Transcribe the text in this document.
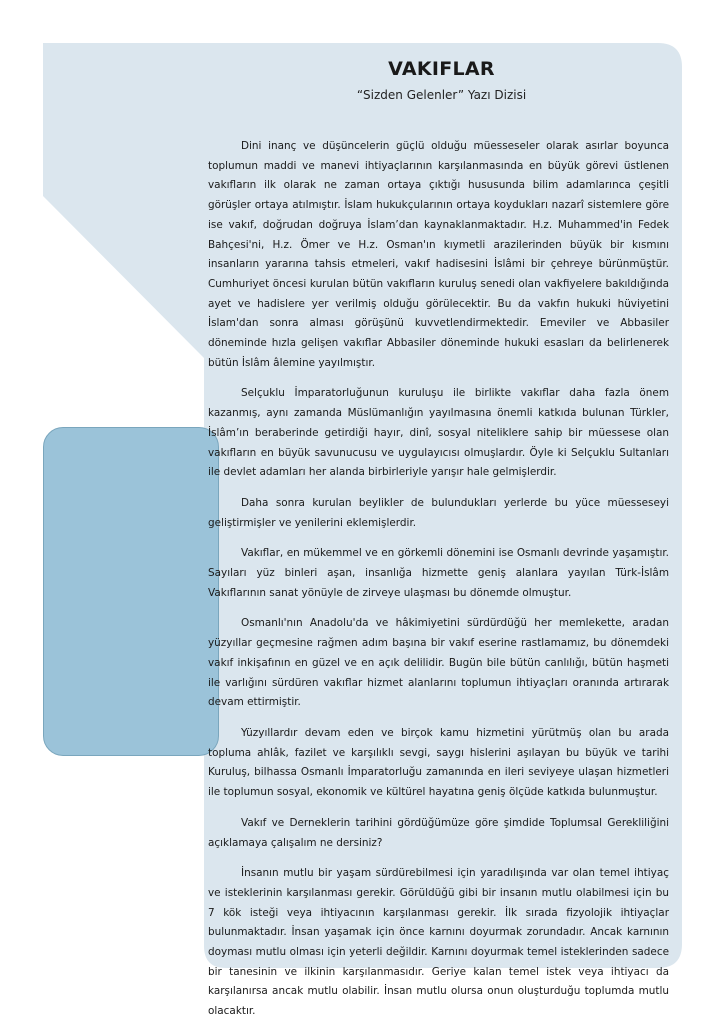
VAKIFLAR
“Sizden Gelenler” Yazı Dizisi

Dini inanç ve düşüncelerin güçlü olduğu müesseseler olarak asırlar boyunca toplumun maddi ve manevi ihtiyaçlarının karşılanmasında en büyük görevi üstlenen vakıfların ilk olarak ne zaman ortaya çıktığı hususunda bilim adamlarınca çeşitli görüşler ortaya atılmıştır. İslam hukukçularının ortaya koydukları nazarî sistemlere göre ise vakıf, doğrudan doğruya İslam’dan kaynaklanmaktadır. H.z. Muhammed'in Fedek Bahçesi'ni, H.z. Ömer ve H.z. Osman'ın kıymetli arazilerinden büyük bir kısmını insanların yararına tahsis etmeleri, vakıf hadisesini İslâmi bir çehreye bürünmüştür. Cumhuriyet öncesi kurulan bütün vakıfların kuruluş senedi olan vakfiyelere bakıldığında ayet ve hadislere yer verilmiş olduğu görülecektir. Bu da vakfın hukuki hüviyetini İslam'dan sonra alması görüşünü kuvvetlendirmektedir. Emeviler ve Abbasiler döneminde hızla gelişen vakıflar Abbasiler döneminde hukuki esasları da belirlenerek bütün İslâm âlemine yayılmıştır.

Selçuklu İmparatorluğunun kuruluşu ile birlikte vakıflar daha fazla önem kazanmış, aynı zamanda Müslümanlığın yayılmasına önemli katkıda bulunan Türkler, İslâm’ın beraberinde getirdiği hayır, dinî, sosyal niteliklere sahip bir müessese olan vakıfların en büyük savunucusu ve uygulayıcısı olmuşlardır. Öyle ki Selçuklu Sultanları ile devlet adamları her alanda birbirleriyle yarışır hale gelmişlerdir.

Daha sonra kurulan beylikler de bulundukları yerlerde bu yüce müesseseyi geliştirmişler ve yenilerini eklemişlerdir.

Vakıflar, en mükemmel ve en görkemli dönemini ise Osmanlı devrinde yaşamıştır. Sayıları yüz binleri aşan, insanlığa hizmette geniş alanlara yayılan Türk-İslâm Vakıflarının sanat yönüyle de zirveye ulaşması bu dönemde olmuştur.

Osmanlı'nın Anadolu'da ve hâkimiyetini sürdürdüğü her memlekette, aradan yüzyıllar geçmesine rağmen adım başına bir vakıf eserine rastlamamız, bu dönemdeki vakıf inkişafının en güzel ve en açık delilidir. Bugün bile bütün canlılığı, bütün haşmeti ile varlığını sürdüren vakıflar hizmet alanlarını toplumun ihtiyaçları oranında artırarak devam ettirmiştir.

Yüzyıllardır devam eden ve birçok kamu hizmetini yürütmüş olan bu arada topluma ahlâk, fazilet ve karşılıklı sevgi, saygı hislerini aşılayan bu büyük ve tarihi Kuruluş, bilhassa Osmanlı İmparatorluğu zamanında en ileri seviyeye ulaşan hizmetleri ile toplumun sosyal, ekonomik ve kültürel hayatına geniş ölçüde katkıda bulunmuştur.

Vakıf ve Derneklerin tarihini gördüğümüze göre şimdide Toplumsal Gerekliliğini açıklamaya çalışalım ne dersiniz?

İnsanın mutlu bir yaşam sürdürebilmesi için yaradılışında var olan temel ihtiyaç ve isteklerinin karşılanması gerekir. Görüldüğü gibi bir insanın mutlu olabilmesi için bu 7 kök isteği veya ihtiyacının karşılanması gerekir. İlk sırada fizyolojik ihtiyaçlar bulunmaktadır. İnsan yaşamak için önce karnını doyurmak zorundadır. Ancak karnının doyması mutlu olması için yeterli değildir. Karnını doyurmak temel isteklerinden sadece bir tanesinin ve ilkinin karşılanmasıdır. Geriye kalan temel istek veya ihtiyacı da karşılanırsa ancak mutlu olabilir. İnsan mutlu olursa onun oluşturduğu toplumda mutlu olacaktır.
